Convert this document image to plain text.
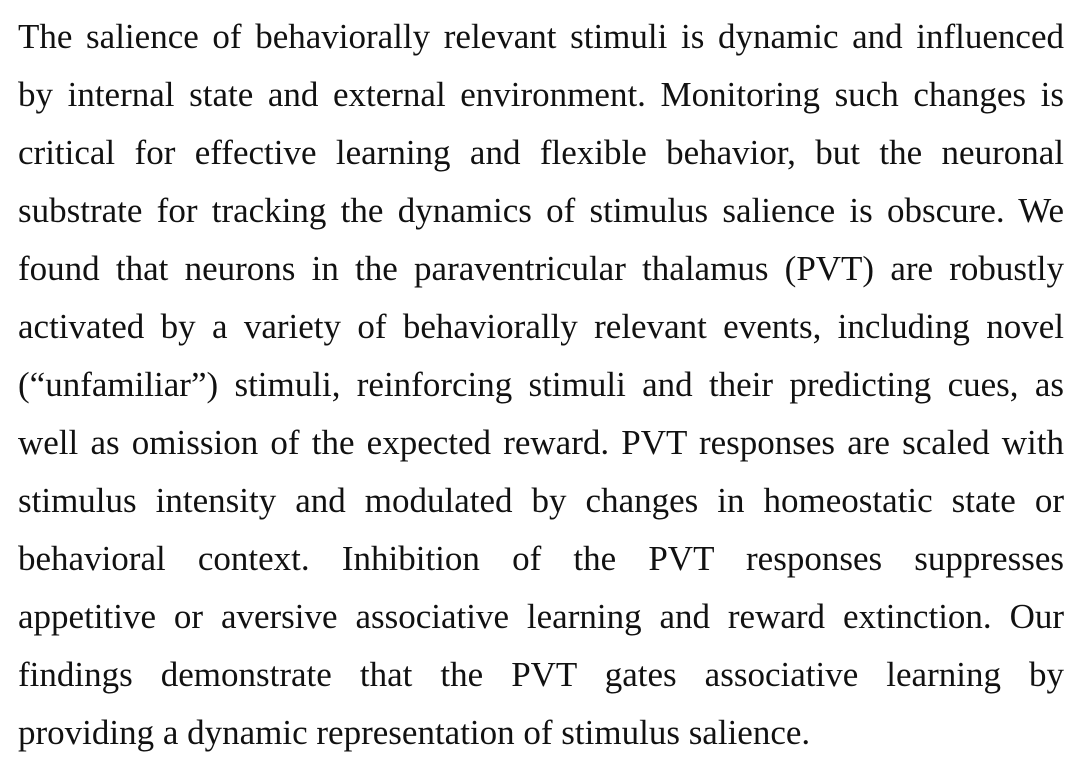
The salience of behaviorally relevant stimuli is dynamic and influenced
by internal state and external environment. Monitoring such changes is
critical for effective learning and flexible behavior, but the neuronal
substrate for tracking the dynamics of stimulus salience is obscure. We
found that neurons in the paraventricular thalamus (PVT) are robustly
activated by a variety of behaviorally relevant events, including novel
(“unfamiliar”) stimuli, reinforcing stimuli and their predicting cues, as
well as omission of the expected reward. PVT responses are scaled with
stimulus intensity and modulated by changes in homeostatic state or
behavioral context. Inhibition of the PVT responses suppresses
appetitive or aversive associative learning and reward extinction. Our
findings demonstrate that the PVT gates associative learning by
providing a dynamic representation of stimulus salience.
